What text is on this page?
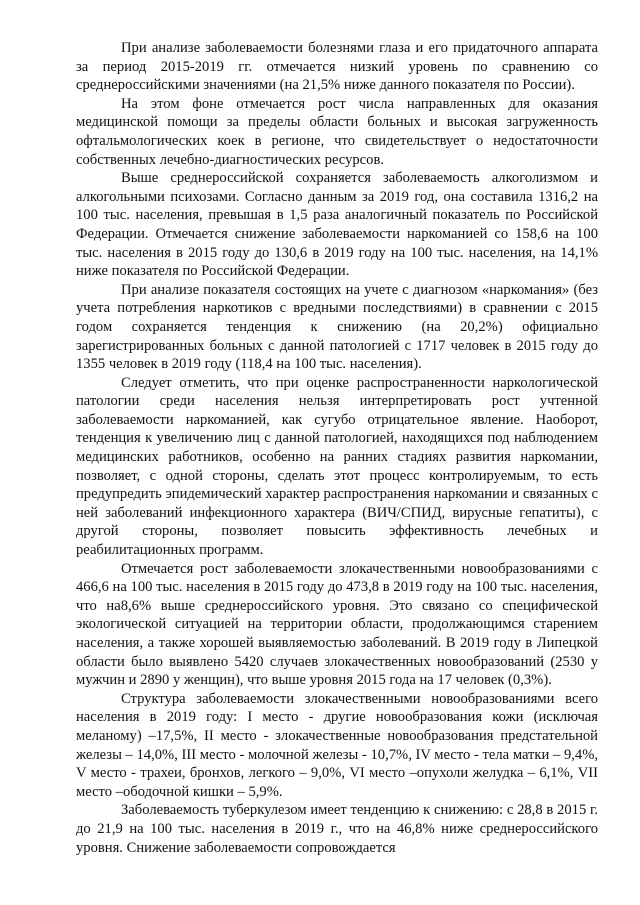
При анализе заболеваемости болезнями глаза и его придаточного аппарата за период 2015-2019 гг. отмечается низкий уровень по сравнению со среднероссийскими значениями (на 21,5% ниже данного показателя по России).

На этом фоне отмечается рост числа направленных для оказания медицинской помощи за пределы области больных и высокая загруженность офтальмологических коек в регионе, что свидетельствует о недостаточности собственных лечебно-диагностических ресурсов.

Выше среднероссийской сохраняется заболеваемость алкоголизмом и алкогольными психозами. Согласно данным за 2019 год, она составила 1316,2 на 100 тыс. населения, превышая в 1,5 раза аналогичный показатель по Российской Федерации. Отмечается снижение заболеваемости наркоманией со 158,6 на 100 тыс. населения в 2015 году до 130,6 в 2019 году на 100 тыс. населения, на 14,1% ниже показателя по Российской Федерации.

При анализе показателя состоящих на учете с диагнозом «наркомания» (без учета потребления наркотиков с вредными последствиями) в сравнении с 2015 годом сохраняется тенденция к снижению (на 20,2%) официально зарегистрированных больных с данной патологией с 1717 человек в 2015 году до 1355 человек в 2019 году (118,4 на 100 тыс. населения).

Следует отметить, что при оценке распространенности наркологической патологии среди населения нельзя интерпретировать рост учтенной заболеваемости наркоманией, как сугубо отрицательное явление. Наоборот, тенденция к увеличению лиц с данной патологией, находящихся под наблюдением медицинских работников, особенно на ранних стадиях развития наркомании, позволяет, с одной стороны, сделать этот процесс контролируемым, то есть предупредить эпидемический характер распространения наркомании и связанных с ней заболеваний инфекционного характера (ВИЧ/СПИД, вирусные гепатиты), с другой стороны, позволяет повысить эффективность лечебных и реабилитационных программ.

Отмечается рост заболеваемости злокачественными новообразованиями с 466,6 на 100 тыс. населения в 2015 году до 473,8 в 2019 году на 100 тыс. населения, что на8,6% выше среднероссийского уровня. Это связано со специфической экологической ситуацией на территории области, продолжающимся старением населения, а также хорошей выявляемостью заболеваний. В 2019 году в Липецкой области было выявлено 5420 случаев злокачественных новообразований (2530 у мужчин и 2890 у женщин), что выше уровня 2015 года на 17 человек (0,3%).

Структура заболеваемости злокачественными новообразованиями всего населения в 2019 году: I место - другие новообразования кожи (исключая меланому) –17,5%, II место - злокачественные новообразования предстательной железы – 14,0%, III место - молочной железы - 10,7%, IV место - тела матки – 9,4%, V место - трахеи, бронхов, легкого – 9,0%, VI место –опухоли желудка – 6,1%, VII место –ободочной кишки – 5,9%.

Заболеваемость туберкулезом имеет тенденцию к снижению: с 28,8 в 2015 г. до 21,9 на 100 тыс. населения в 2019 г., что на 46,8% ниже среднероссийского уровня. Снижение заболеваемости сопровождается
